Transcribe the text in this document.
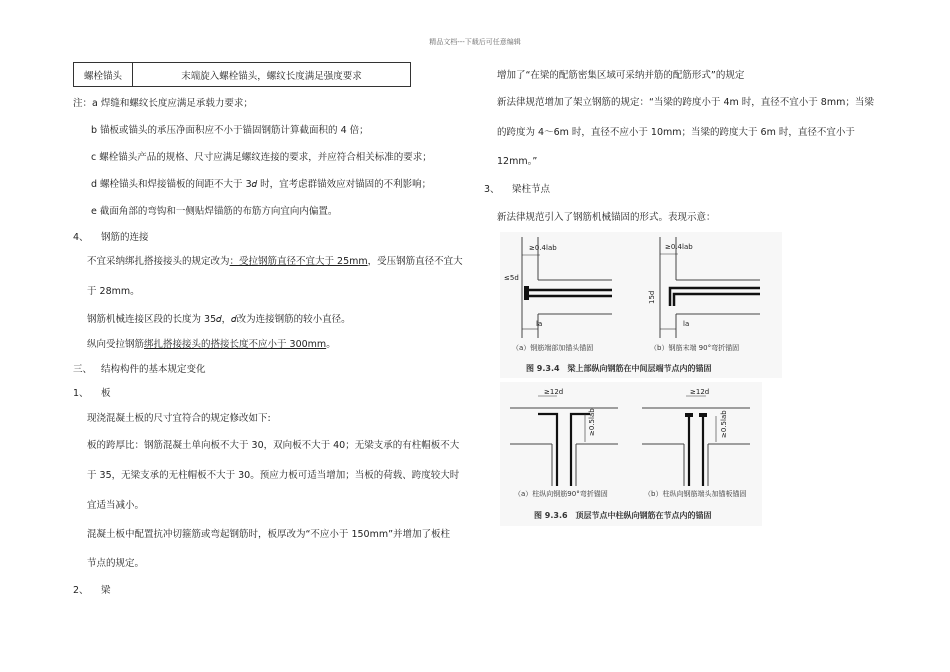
精品文档---下载后可任意编辑
螺栓锚头	末端旋入螺栓锚头，螺纹长度满足强度要求
注：a 焊缝和螺纹长度应满足承载力要求；
b 锚板或锚头的承压净面积应不小于锚固钢筋计算截面积的 4 倍；
c 螺栓锚头产品的规格、尺寸应满足螺纹连接的要求，并应符合相关标准的要求；
d 螺栓锚头和焊接锚板的间距不大于 3𝑑 时，宜考虑群锚效应对锚固的不利影响；
e 截面角部的弯钩和一侧贴焊锚筋的布筋方向宜向内偏置。
4、 钢筋的连接
不宜采纳绑扎搭接接头的规定改为：受拉钢筋直径不宜大于 25mm，受压钢筋直径不宜大
于 28mm。
钢筋机械连接区段的长度为 35𝑑，𝑑改为连接钢筋的较小直径。
纵向受拉钢筋绑扎搭接接头的搭接长度不应小于 300mm。
三、 结构构件的基本规定变化
1、 板
现浇混凝土板的尺寸宜符合的规定修改如下:
板的跨厚比：钢筋混凝土单向板不大于 30，双向板不大于 40；无梁支承的有柱帽板不大
于 35，无梁支承的无柱帽板不大于 30。预应力板可适当增加；当板的荷载、跨度较大时
宜适当减小。
混凝土板中配置抗冲切箍筋或弯起钢筋时，板厚改为“不应小于 150mm”并增加了板柱
节点的规定。
2、 梁
增加了“在梁的配筋密集区域可采纳并筋的配筋形式”的规定
新法律规范增加了架立钢筋的规定：“当梁的跨度小于 4m 时，直径不宜小于 8mm；当梁
的跨度为 4～6m 时，直径不应小于 10mm；当梁的跨度大于 6m 时，直径不宜小于
12mm。”
3、 梁柱节点
新法律规范引入了钢筋机械锚固的形式。表现示意：
≥0.4lab
la
≤5d
（a）钢筋端部加锚头锚固
≥0.4lab
15d
la
（b）钢筋末端 90°弯折锚固
图 9.3.4　梁上部纵向钢筋在中间层端节点内的锚固
≥12d
≥0.5lab
（a）柱纵向钢筋90°弯折锚固
≥0.5lab
≥12d
（b）柱纵向钢筋端头加锚板锚固
图 9.3.6　顶层节点中柱纵向钢筋在节点内的锚固
